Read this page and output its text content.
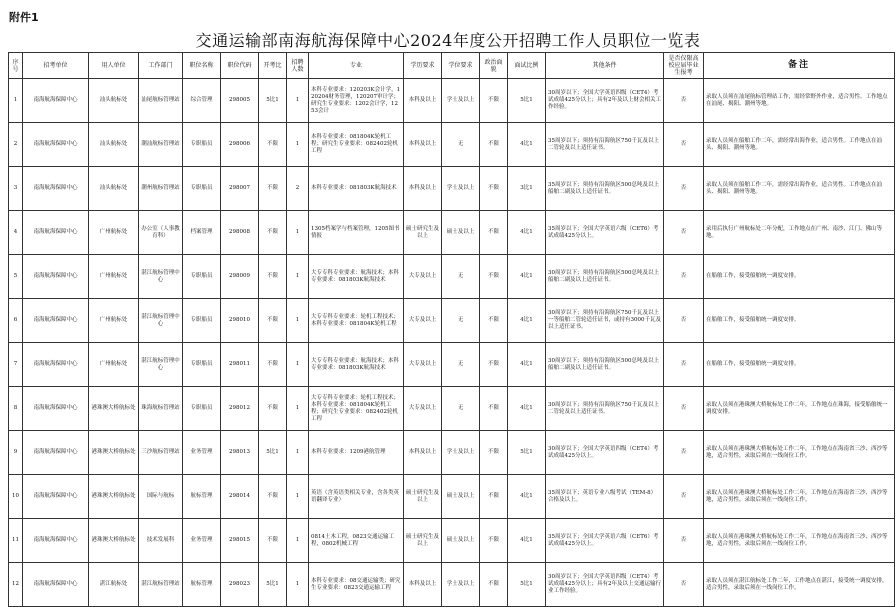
附件1
交通运输部南海航海保障中心2024年度公开招聘工作人员职位一览表
序号	招考单位	用人单位	工作部门	职位名称	职位代码	开考比	招聘人数	专业	学历要求	学位要求	政治面貌	面试比例	其他条件	是否仅限高校应届毕业生报考	备注
1	南海航海保障中心	汕头航标处	汕尾航标管理站	综合管理	298005	5比1	1	本科专业要求：120203K会计学，120204财务管理，120207审计学；研究生专业要求：1202会计学，1253会计	本科及以上	学士及以上	不限	5比1	30周岁以下；全国大学英语四级（CET4）考试成绩425分以上；具有2年及以上财会相关工作经验。	否	录取人员须在汕尾航标管理站工作，需经常野外作业，适合男性。工作地点在汕尾、揭阳、潮州等地。
2	南海航海保障中心	汕头航标处	潮汕航标管理站	专职船员	298006	不限	1	本科专业要求：081804K轮机工程；研究生专业要求：082402轮机工程	本科及以上	无	不限	4比1	35周岁以下；须持有沿海航区750千瓦及以上二管轮及以上适任证书。	否	录取人员须在船舶工作二年，需经常出海作业，适合男性。工作地点在汕头、揭阳、潮州等地。
3	南海航海保障中心	汕头航标处	潮州航标管理站	专职船员	298007	不限	2	本科专业要求：081803K航海技术	本科及以上	学士及以上	不限	3比1	35周岁以下；须持有沿海航区500总吨及以上船舶二副及以上适任证书。	否	录取人员须在船舶工作二年，需经常出海作业，适合男性。工作地点在汕头、揭阳、潮州等地。
4	南海航海保障中心	广州航标处	办公室（人事教育科）	档案管理	298008	不限	1	1305档案学与档案管理，1205图书情报	硕士研究生及以上	硕士及以上	不限	4比1	35周岁以下；全国大学英语六级（CET6）考试成绩425分以上。	否	录用后执行广州航标处二年分配，工作地点在广州、南沙、江门、佛山等地。
5	南海航海保障中心	广州航标处	湛江航标管理中心	专职船员	298009	不限	1	大专专科专业要求：航海技术；本科专业要求：081803K航海技术	大专及以上	无	不限	4比1	30周岁以下；须持有沿海航区500总吨及以上船舶二副及以上适任证书。	否	在船舶工作，接受船舶统一调度安排。
6	南海航海保障中心	广州航标处	湛江航标管理中心	专职船员	298010	不限	1	大专专科专业要求：轮机工程技术；本科专业要求：081804K轮机工程	大专及以上	无	不限	4比1	30周岁以下；须持有沿海航区750千瓦及以上一等船舶二管轮适任证书，或持有3000千瓦及以上适任证书。	否	在船舶工作，接受船舶统一调度安排。
7	南海航海保障中心	广州航标处	湛江航标管理中心	专职船员	298011	不限	1	大专专科专业要求：航海技术；本科专业要求：081803K航海技术	大专及以上	无	不限	4比1	30周岁以下；须持有沿海航区500总吨及以上船舶二副及以上适任证书。	否	在船舶工作，接受船舶统一调度安排。
8	南海航海保障中心	港珠澳大桥航标处	珠海航标管理站	专职船员	298012	不限	1	大专专科专业要求：轮机工程技术；本科专业要求：081804K轮机工程；研究生专业要求：082402轮机工程	大专及以上	无	不限	4比1	30周岁以下；须持有沿海航区750千瓦及以上二管轮及以上适任证书。	否	录取人员须在港珠澳大桥航标处工作二年，工作地点在珠海，接受船舶统一调度安排。
9	南海航海保障中心	港珠澳大桥航标处	三沙航标管理站	业务管理	298013	5比1	1	本科专业要求：1209港航管理	本科及以上	学士及以上	不限	5比1	30周岁以下；全国大学英语四级（CET4）考试成绩425分以上。	否	录取人员须在港珠澳大桥航标处工作二年，工作地点在海南省三沙、西沙等地，适合男性，录取后须在一线岗位工作。
10	南海航海保障中心	港珠澳大桥航标处	国际与航标	航标管理	298014	不限	1	英语（含英语类相关专业，含各类英语翻译专业）	硕士研究生及以上	硕士及以上	不限	4比1	35周岁以下；英语专业八级考试（TEM-8）合格及以上。	否	录取人员须在港珠澳大桥航标处工作二年，工作地点在海南省三沙、西沙等地，适合男性，录取后须在一线岗位工作。
11	南海航海保障中心	港珠澳大桥航标处	技术发展科	业务管理	298015	不限	1	0814土木工程，0823交通运输工程，0802机械工程	硕士研究生及以上	硕士及以上	不限	4比1	35周岁以下；全国大学英语六级（CET6）考试成绩425分以上。	否	录取人员须在港珠澳大桥航标处工作二年，工作地点在海南省三沙、西沙等地，适合男性，录取后须在一线岗位工作。
12	南海航海保障中心	湛江航标处	湛江航标管理站	航标管理	298023	5比1	1	本科专业要求：08交通运输类；研究生专业要求：0823交通运输工程	本科及以上	学士及以上	不限	5比1	30周岁以下；全国大学英语四级（CET4）考试成绩425分以上；具有2年及以上交通运输行业工作经验。	否	录取人员须在湛江航标处工作二年，工作地点在湛江，接受统一调度安排，适合男性，录取后须在一线岗位工作。
